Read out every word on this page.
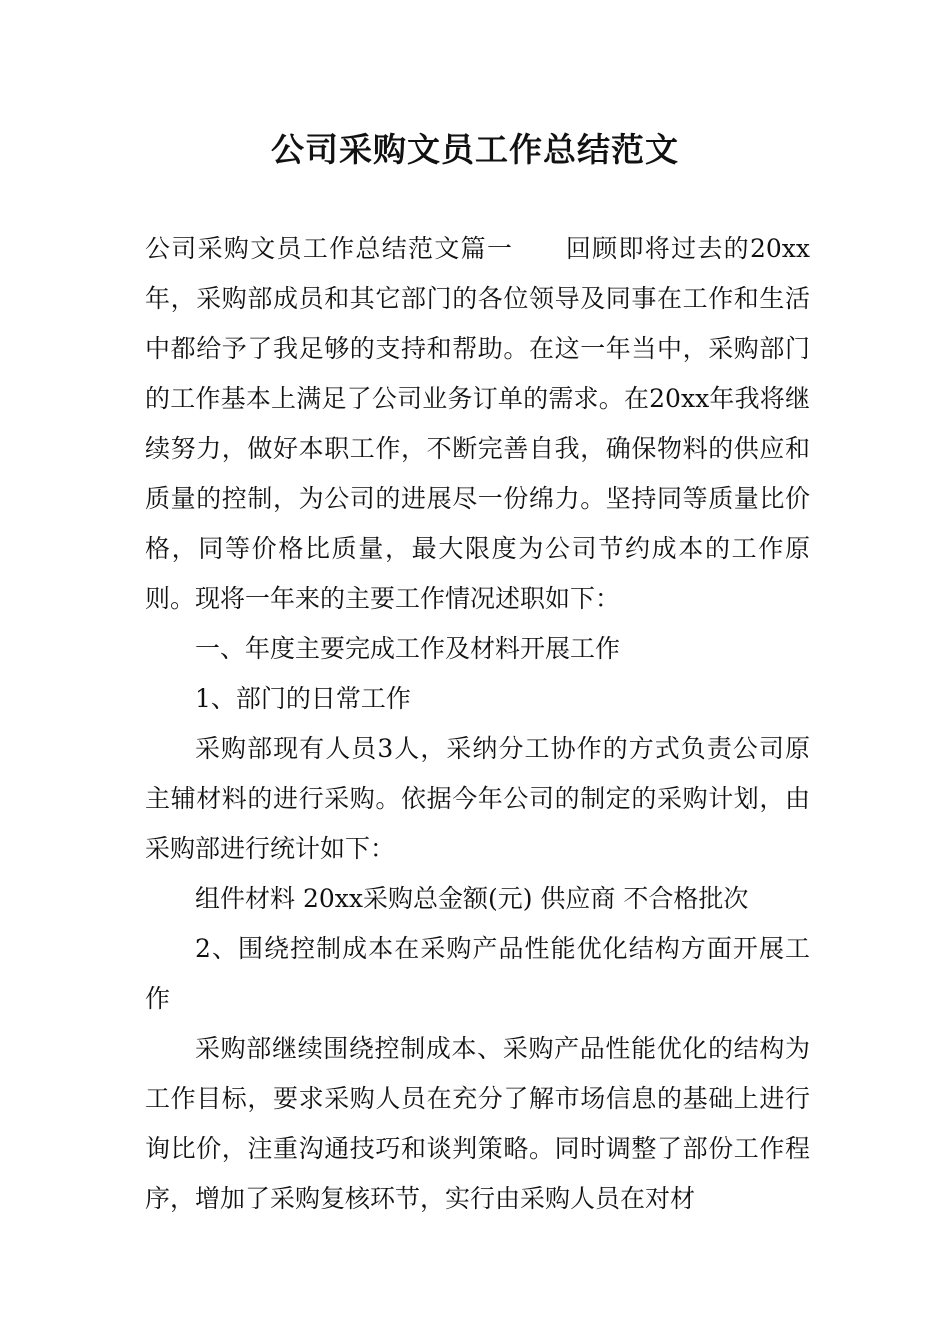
公司采购文员工作总结范文

公司采购文员工作总结范文篇一　　回顾即将过去的20xx年，采购部成员和其它部门的各位领导及同事在工作和生活中都给予了我足够的支持和帮助。在这一年当中，采购部门的工作基本上满足了公司业务订单的需求。在20xx年我将继续努力，做好本职工作，不断完善自我，确保物料的供应和质量的控制，为公司的进展尽一份绵力。坚持同等质量比价格，同等价格比质量，最大限度为公司节约成本的工作原则。现将一年来的主要工作情况述职如下：

一、年度主要完成工作及材料开展工作

1、部门的日常工作

采购部现有人员3人，采纳分工协作的方式负责公司原主辅材料的进行采购。依据今年公司的制定的采购计划，由采购部进行统计如下：

组件材料 20xx采购总金额(元) 供应商 不合格批次

2、围绕控制成本在采购产品性能优化结构方面开展工作

采购部继续围绕控制成本、采购产品性能优化的结构为工作目标，要求采购人员在充分了解市场信息的基础上进行询比价，注重沟通技巧和谈判策略。同时调整了部份工作程序，增加了采购复核环节，实行由采购人员在对材
